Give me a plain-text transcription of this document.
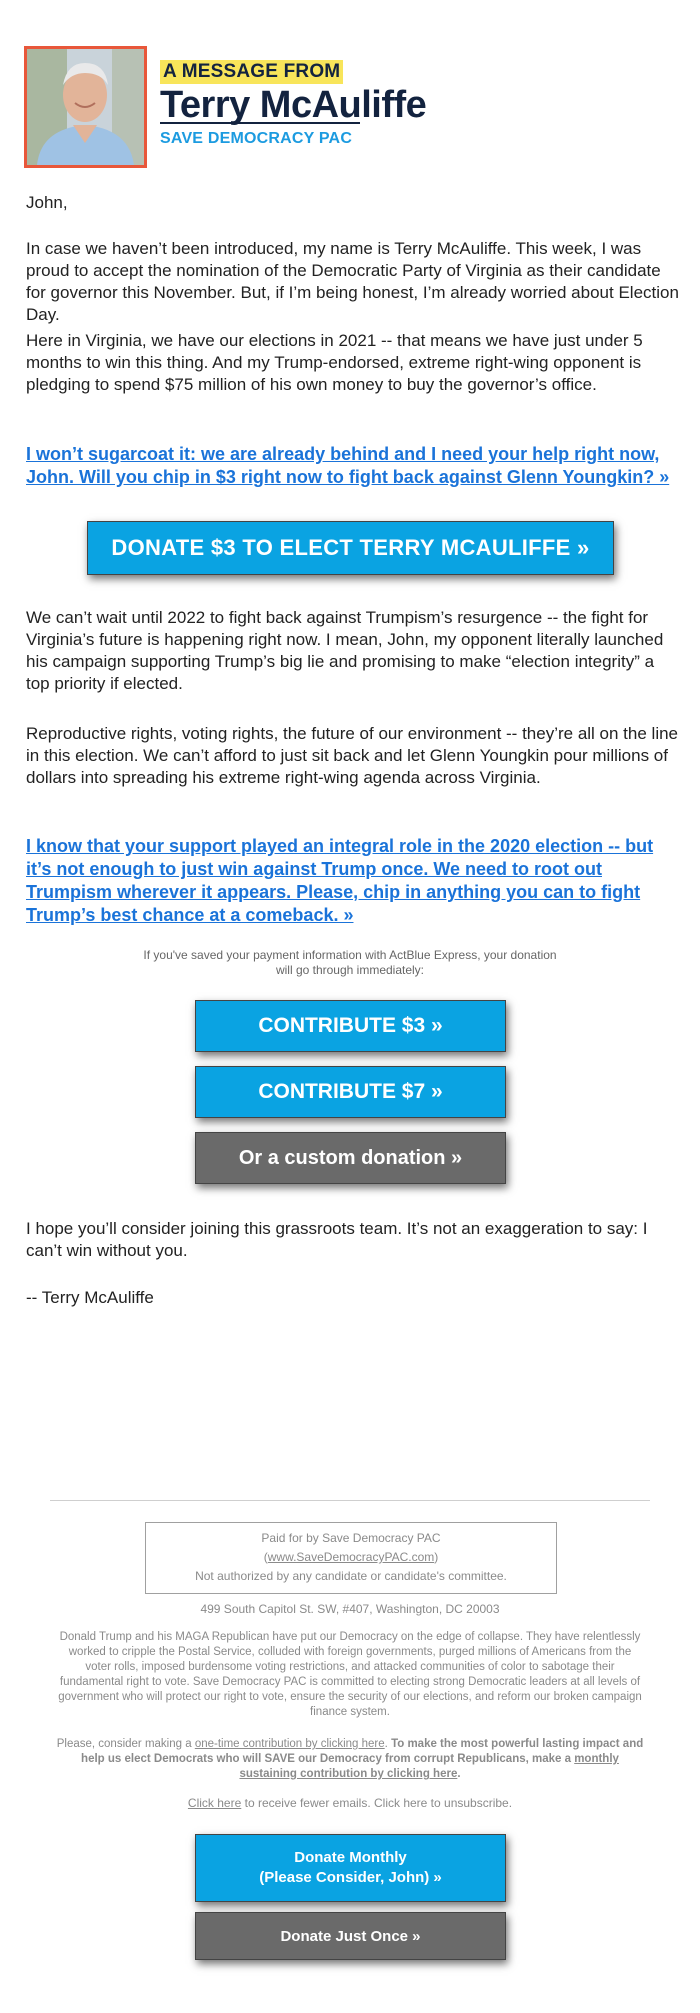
A MESSAGE FROM
Terry McAuliffe
SAVE DEMOCRACY PAC
John,
In case we haven’t been introduced, my name is Terry McAuliffe. This week, I was proud to accept the nomination of the Democratic Party of Virginia as their candidate for governor this November. But, if I’m being honest, I’m already worried about Election Day.
Here in Virginia, we have our elections in 2021 -- that means we have just under 5 months to win this thing. And my Trump-endorsed, extreme right-wing opponent is pledging to spend $75 million of his own money to buy the governor’s office.
I won’t sugarcoat it: we are already behind and I need your help right now, John. Will you chip in $3 right now to fight back against Glenn Youngkin? »
DONATE $3 TO ELECT TERRY MCAULIFFE »
We can’t wait until 2022 to fight back against Trumpism’s resurgence -- the fight for Virginia’s future is happening right now. I mean, John, my opponent literally launched his campaign supporting Trump’s big lie and promising to make “election integrity” a top priority if elected.
Reproductive rights, voting rights, the future of our environment -- they’re all on the line in this election. We can’t afford to just sit back and let Glenn Youngkin pour millions of dollars into spreading his extreme right-wing agenda across Virginia.
I know that your support played an integral role in the 2020 election -- but it’s not enough to just win against Trump once. We need to root out Trumpism wherever it appears. Please, chip in anything you can to fight Trump’s best chance at a comeback. »
If you've saved your payment information with ActBlue Express, your donation
will go through immediately:
CONTRIBUTE $3 »
CONTRIBUTE $7 »
Or a custom donation »
I hope you’ll consider joining this grassroots team. It’s not an exaggeration to say: I can’t win without you.
-- Terry McAuliffe
Paid for by Save Democracy PAC
(www.SaveDemocracyPAC.com)
Not authorized by any candidate or candidate's committee.
499 South Capitol St. SW, #407, Washington, DC 20003
Donald Trump and his MAGA Republican have put our Democracy on the edge of collapse. They have relentlessly worked to cripple the Postal Service, colluded with foreign governments, purged millions of Americans from the voter rolls, imposed burdensome voting restrictions, and attacked communities of color to sabotage their fundamental right to vote. Save Democracy PAC is committed to electing strong Democratic leaders at all levels of government who will protect our right to vote, ensure the security of our elections, and reform our broken campaign finance system.
Please, consider making a one-time contribution by clicking here. To make the most powerful lasting impact and help us elect Democrats who will SAVE our Democracy from corrupt Republicans, make a monthly sustaining contribution by clicking here.
Click here to receive fewer emails. Click here to unsubscribe.
Donate Monthly
(Please Consider, John) »
Donate Just Once »
